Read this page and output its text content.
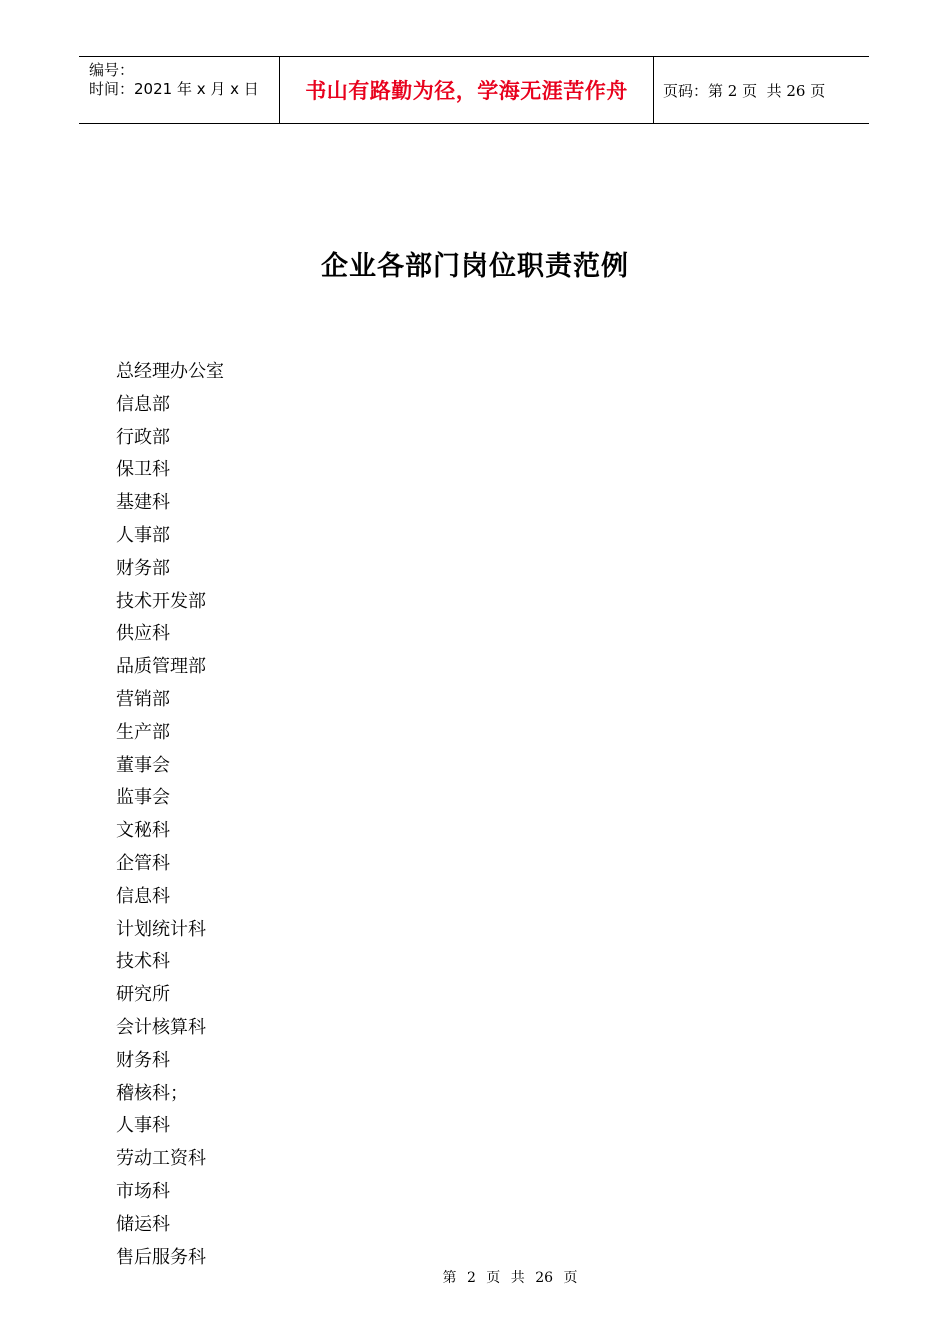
编号：
时间：2021 年 x 月 x 日	书山有路勤为径，学海无涯苦作舟	页码：第 2 页  共 26 页
企业各部门岗位职责范例
总经理办公室
信息部
行政部
保卫科
基建科
人事部
财务部
技术开发部
供应科
品质管理部
营销部
生产部
董事会
监事会
文秘科
企管科
信息科
计划统计科
技术科
研究所
会计核算科
财务科
稽核科；
人事科
劳动工资科
市场科
储运科
售后服务科
第 2 页 共 26 页
